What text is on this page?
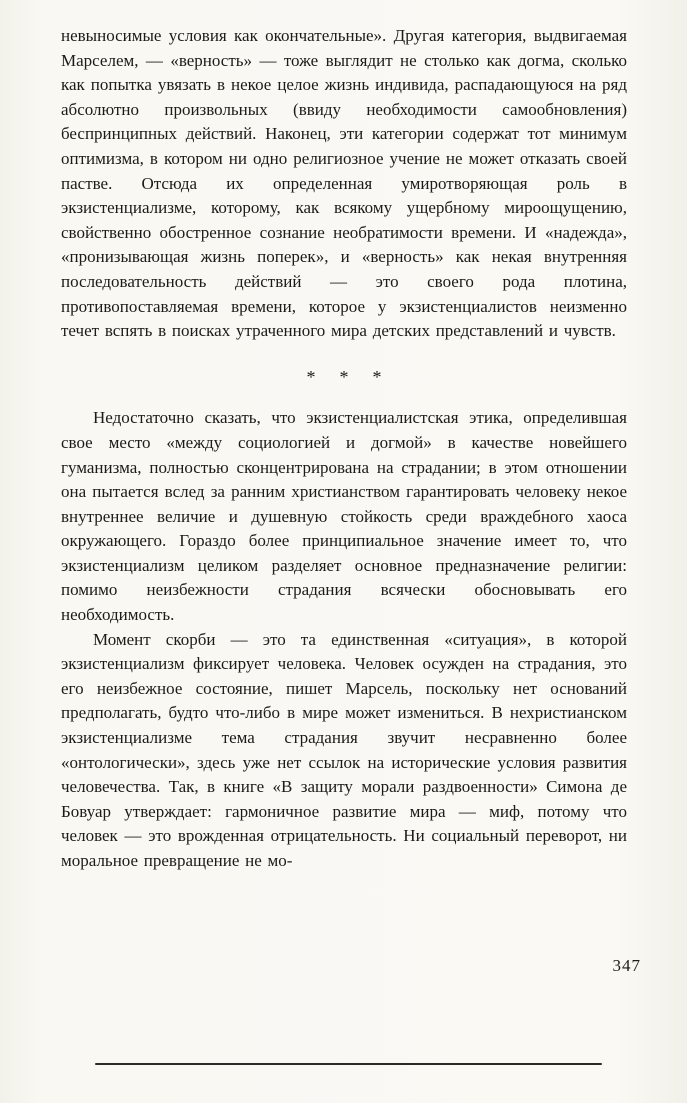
невыносимые условия как окончательные». Другая категория, выдвигаемая Марселем, — «верность» — тоже выглядит не столько как догма, сколько как попытка увязать в некое целое жизнь индивида, распадающуюся на ряд абсолютно произвольных (ввиду необходимости самообновления) беспринципных действий. Наконец, эти категории содержат тот минимум оптимизма, в котором ни одно религиозное учение не может отказать своей пастве. Отсюда их определенная умиротворяющая роль в экзистенциализме, которому, как всякому ущербному мироощущению, свойственно обостренное сознание необратимости времени. И «надежда», «пронизывающая жизнь поперек», и «верность» как некая внутренняя последовательность действий — это своего рода плотина, противопоставляемая времени, которое у экзистенциалистов неизменно течет вспять в поисках утраченного мира детских представлений и чувств.

* * *

Недостаточно сказать, что экзистенциалистская этика, определившая свое место «между социологией и догмой» в качестве новейшего гуманизма, полностью сконцентрирована на страдании; в этом отношении она пытается вслед за ранним христианством гарантировать человеку некое внутреннее величие и душевную стойкость среди враждебного хаоса окружающего. Гораздо более принципиальное значение имеет то, что экзистенциализм целиком разделяет основное предназначение религии: помимо неизбежности страдания всячески обосновывать его необходимость.

Момент скорби — это та единственная «ситуация», в которой экзистенциализм фиксирует человека. Человек осужден на страдания, это его неизбежное состояние, пишет Марсель, поскольку нет оснований предполагать, будто что-либо в мире может измениться. В нехристианском экзистенциализме тема страдания звучит несравненно более «онтологически», здесь уже нет ссылок на исторические условия развития человечества. Так, в книге «В защиту морали раздвоенности» Симона де Бовуар утверждает: гармоничное развитие мира — миф, потому что человек — это врожденная отрицательность. Ни социальный переворот, ни моральное превращение не мо-

347
